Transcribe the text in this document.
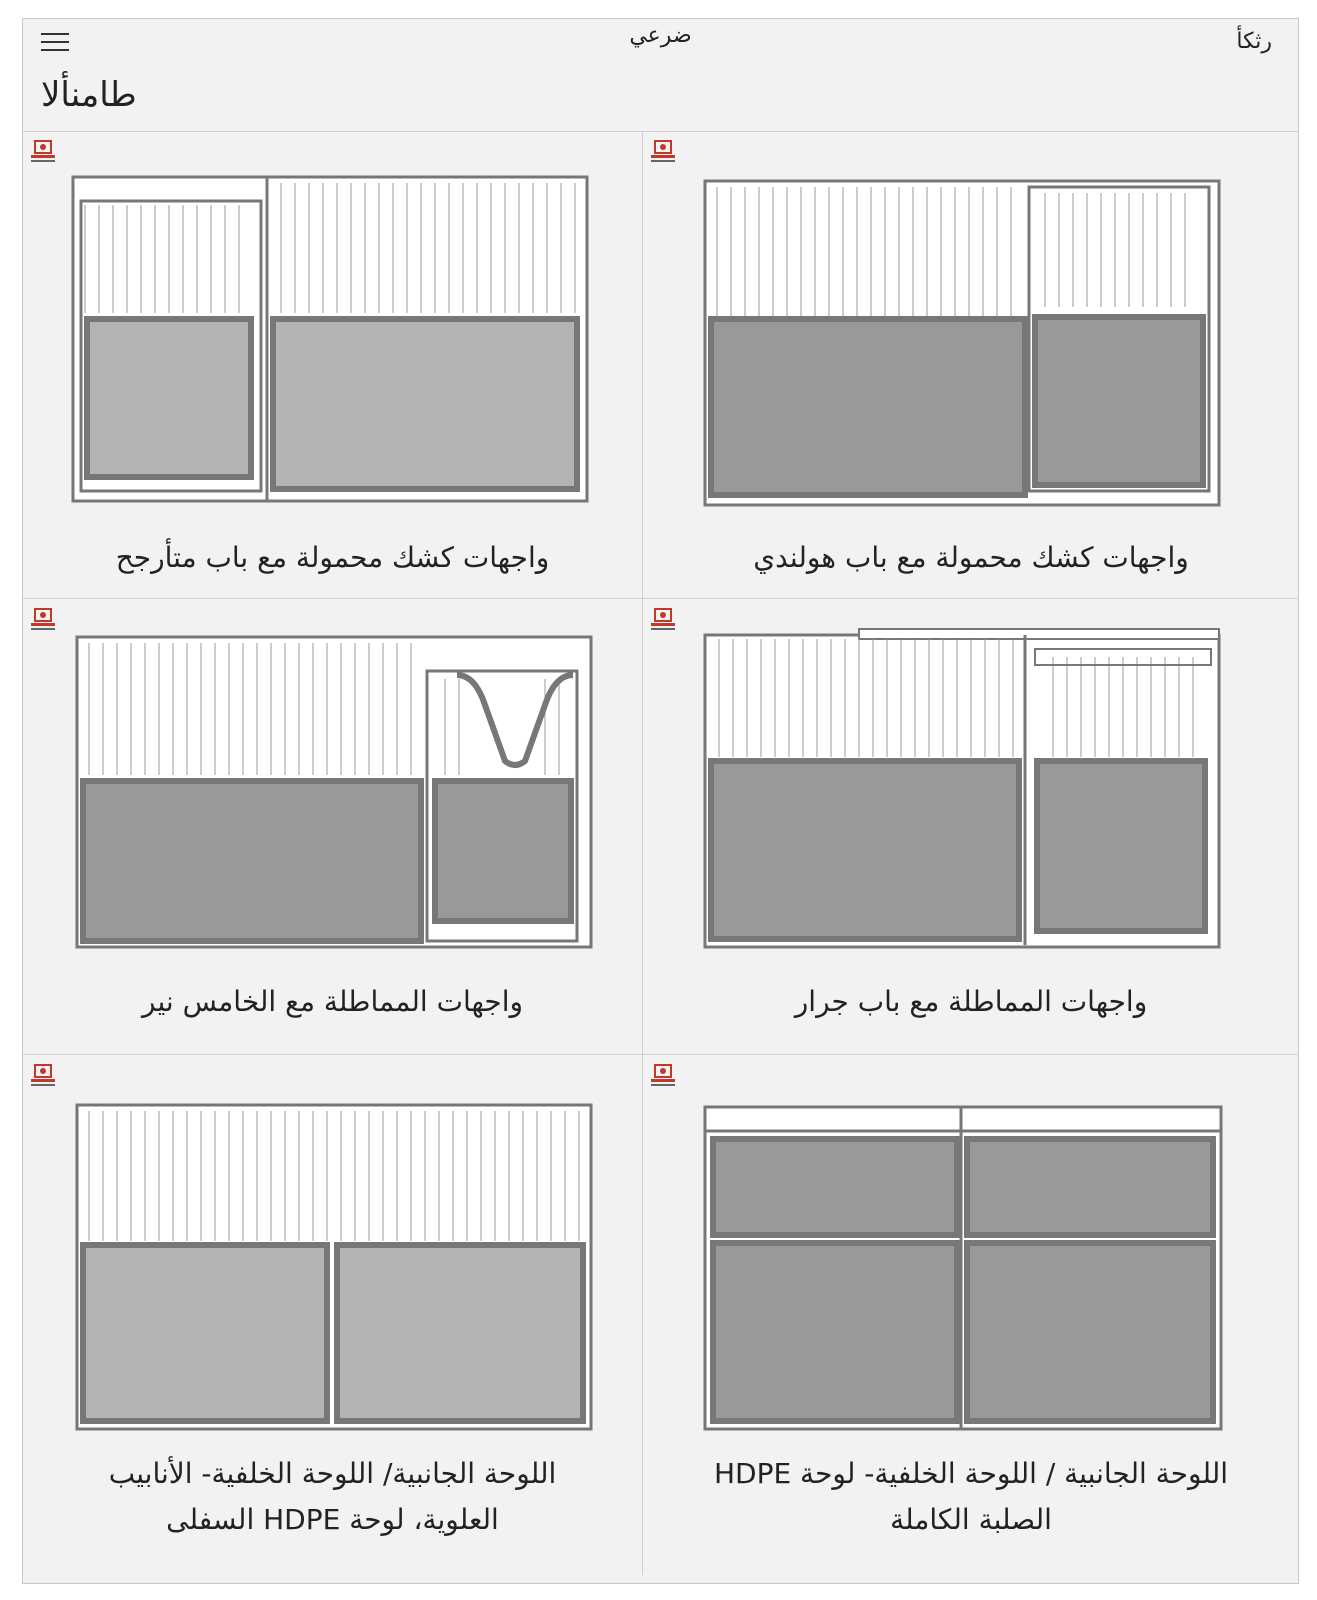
ضرعي	رثكأ
طامنألا
واجهات كشك محمولة مع باب هولندي
واجهات كشك محمولة مع باب متأرجح
واجهات المماطلة مع باب جرار
واجهات المماطلة مع الخامس نير
اللوحة الجانبية / اللوحة الخلفية- لوحة HDPE الصلبة الكاملة
اللوحة الجانبية/ اللوحة الخلفية- الأنابيب العلوية، لوحة HDPE السفلى
